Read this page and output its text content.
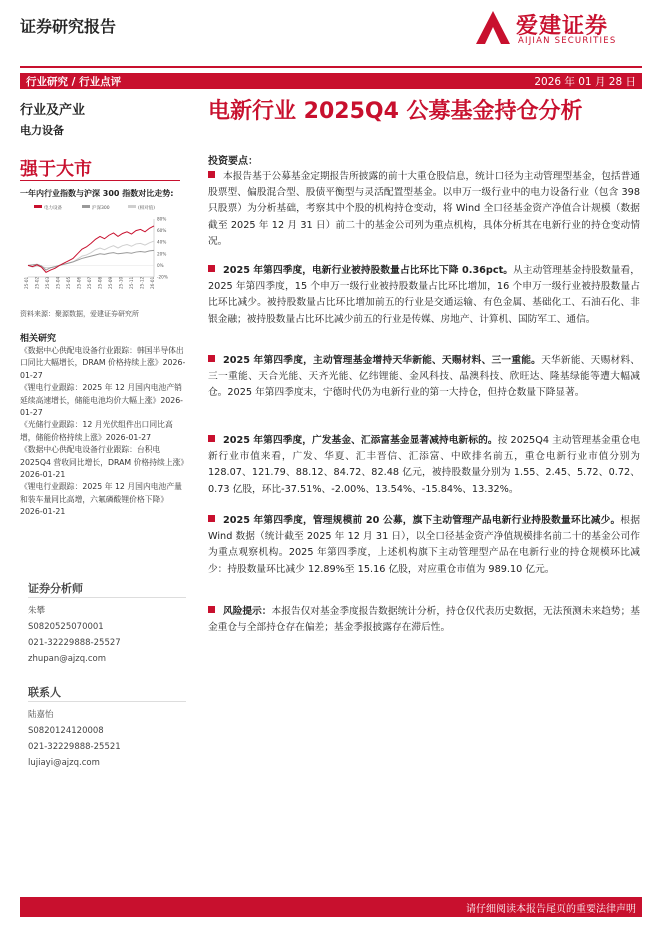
证券研究报告	爱建证券
AIJIAN SECURITIES
行业研究 / 行业点评	2026 年 01 月 28 日
行业及产业
电力设备
电新行业 2025Q4 公募基金持仓分析
强于大市
一年内行业指数与沪深 300 指数对比走势:
电力设备	沪深300	(相对值)
80%
60%
40%
20%
0%
-20%
25-01 25-02 25-03 25-04 25-05 25-06 25-07 25-08 25-09 25-10 25-11 25-12 26-01
资料来源：聚源数据，爱建证券研究所
相关研究

《数据中心供配电设备行业跟踪：韩国半导体出口同比大幅增长，DRAM 价格持续上涨》2026-01-27

《锂电行业跟踪：2025 年 12 月国内电池产销延续高速增长，储能电池均价大幅上涨》2026-01-27

《光储行业跟踪：12 月光伏组件出口同比高增，储能价格持续上涨》2026-01-27

《数据中心供配电设备行业跟踪：台积电 2025Q4 营收同比增长，DRAM 价格持续上涨》2026-01-21

《锂电行业跟踪：2025 年 12 月国内电池产量和装车量同比高增，六氟磷酸锂价格下降》2026-01-21

证券分析师
朱攀
S0820525070001
021-32229888-25527
zhupan@ajzq.com
联系人
陆嘉怡
S0820124120008
021-32229888-25521
lujiayi@ajzq.com
投资要点：
本报告基于公募基金定期报告所披露的前十大重仓股信息，统计口径为主动管理型基金，包括普通股票型、偏股混合型、股债平衡型与灵活配置型基金。以申万一级行业中的电力设备行业（包含 398 只股票）为分析基础，考察其中个股的机构持仓变动，将 Wind 全口径基金资产净值合计规模（数据截至 2025 年 12 月 31 日）前二十的基金公司列为重点机构，具体分析其在电新行业的持仓变动情况。
2025 年第四季度，电新行业被持股数量占比环比下降 0.36pct。从主动管理基金持股数量看，2025 年第四季度，15 个申万一级行业被持股数量占比环比增加，16 个申万一级行业被持股数量占比环比减少。被持股数量占比环比增加前五的行业是交通运输、有色金属、基础化工、石油石化、非银金融；被持股数量占比环比减少前五的行业是传媒、房地产、计算机、国防军工、通信。
2025 年第四季度，主动管理基金增持天华新能、天赐材料、三一重能。天华新能、天赐材料、三一重能、天合光能、天齐光能、亿纬锂能、金风科技、晶澳科技、欣旺达、隆基绿能等遭大幅减仓。2025 年第四季度末，宁德时代仍为电新行业的第一大持仓，但持仓数量下降显著。
2025 年第四季度，广发基金、汇添富基金显著减持电新标的。按 2025Q4 主动管理基金重仓电新行业市值来看，广发、华夏、汇丰晋信、汇添富、中欧排名前五，重仓电新行业市值分别为 128.07、121.79、88.12、84.72、82.48 亿元，被持股数量分别为 1.55、2.45、5.72、0.72、0.73 亿股，环比-37.51%、-2.00%、13.54%、-15.84%、13.32%。
2025 年第四季度，管理规模前 20 公募，旗下主动管理产品电新行业持股数量环比减少。根据 Wind 数据（统计截至 2025 年 12 月 31 日），以全口径基金资产净值规模排名前二十的基金公司作为重点观察机构。2025 年第四季度，上述机构旗下主动管理型产品在电新行业的持仓规模环比减少：持股数量环比减少 12.89%至 15.16 亿股，对应重仓市值为 989.10 亿元。
风险提示：本报告仅对基金季度报告数据统计分析，持仓仅代表历史数据，无法预测未来趋势；基金重仓与全部持仓存在偏差；基金季报披露存在滞后性。
请仔细阅读本报告尾页的重要法律声明
